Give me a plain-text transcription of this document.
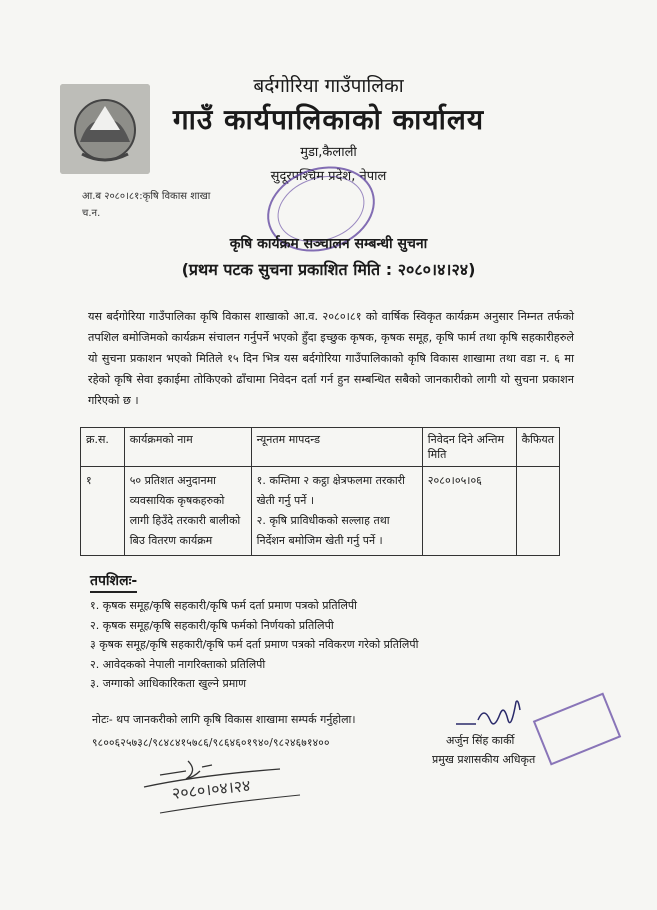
बर्दगोरिया गाउँपालिका
गाउँ कार्यपालिकाको कार्यालय
मुडा,कैलाली
सुदूरपश्चिम प्रदेश, नेपाल
आ.ब २०८०।८१:कृषि विकास शाखा
च.न.
कृषि कार्यक्रम सञ्चालन सम्बन्धी सुचना
(प्रथम पटक सुचना प्रकाशित मिति : २०८०।४।२४)
यस बर्दगोरिया गाउँपालिका कृषि विकास शाखाको आ.व. २०८०।८१ को वार्षिक स्विकृत कार्यक्रम अनुसार निम्नत तर्फको तपशिल बमोजिमको कार्यक्रम संचालन गर्नुपर्ने भएको हुँदा इच्छुक कृषक, कृषक समूह, कृषि फार्म तथा कृषि सहकारीहरुले यो सुचना प्रकाशन भएको मितिले १५ दिन भित्र यस बर्दगोरिया गाउँपालिकाको कृषि विकास शाखामा तथा वडा न. ६ मा रहेको कृषि सेवा इकाईमा तोकिएको ढाँचामा निवेदन दर्ता गर्न हुन सम्बन्धित सबैको जानकारीको लागी यो सुचना प्रकाशन गरिएको छ ।
क्र.स.	कार्यक्रमको नाम	न्यूनतम मापदन्ड	निवेदन दिने अन्तिम मिति	कैफियत
१	५० प्रतिशत अनुदानमा व्यवसायिक कृषकहरुको लागी हिउँदे तरकारी बालीको बिउ वितरण कार्यक्रम	१. कम्तिमा २ कट्ठा क्षेत्रफलमा तरकारी खेती गर्नु पर्ने ।
२. कृषि प्राविधीकको सल्लाह तथा निर्देशन बमोजिम खेती गर्नु पर्ने ।	२०८०।०५।०६	
तपशिलः-
१. कृषक समूह/कृषि सहकारी/कृषि फर्म दर्ता प्रमाण पत्रको प्रतिलिपी
२. कृषक समूह/कृषि सहकारी/कृषि फर्मको निर्णयको प्रतिलिपी
३ कृषक समूह/कृषि सहकारी/कृषि फर्म दर्ता प्रमाण पत्रको नविकरण गरेको प्रतिलिपी
२. आवेदकको नेपाली नागरिक्ताको प्रतिलिपी
३. जग्गाको आधिकारिकता खुल्ने प्रमाण
नोटः- थप जानकरीको लागि कृषि विकास शाखामा सम्पर्क गर्नुहोला।
९८००६२५७३८/९८४८४१५७८६/९८६४६०१९४०/९८२४६७१४००	अर्जुन सिंह कार्की
प्रमुख प्रशासकीय अधिकृत
२०८०।०४।२४
